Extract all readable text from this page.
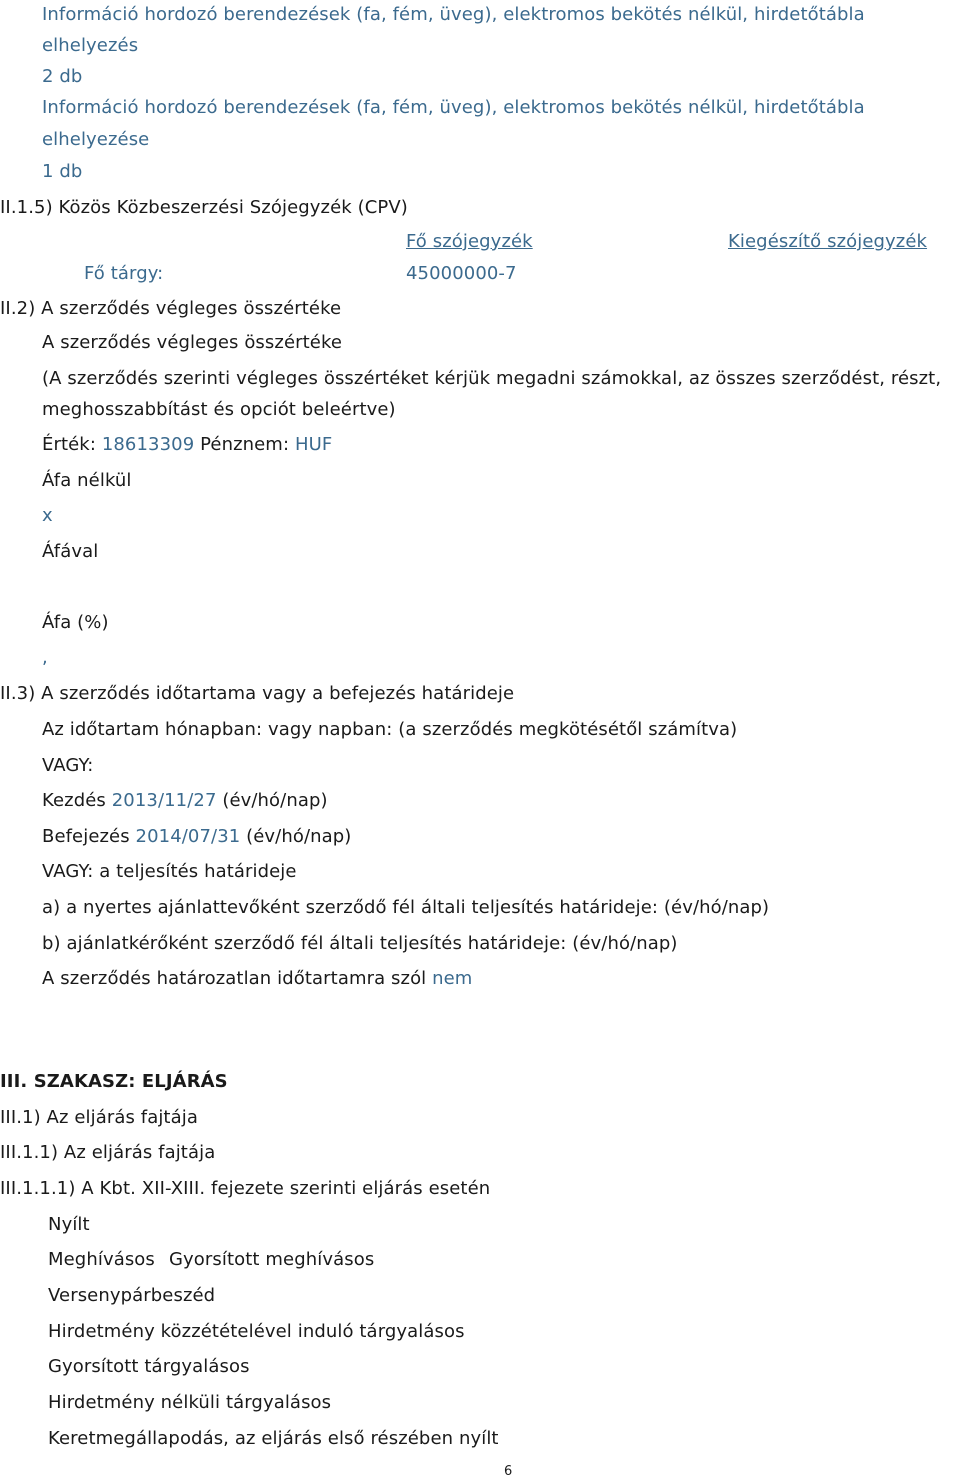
Információ hordozó berendezések (fa, fém, üveg), elektromos bekötés nélkül, hirdetőtábla
elhelyezés
2 db
Információ hordozó berendezések (fa, fém, üveg), elektromos bekötés nélkül, hirdetőtábla
elhelyezése
1 db
II.1.5) Közös Közbeszerzési Szójegyzék (CPV)
Fő szójegyzék	Kiegészítő szójegyzék
Fő tárgy:	45000000-7
II.2) A szerződés végleges összértéke
A szerződés végleges összértéke
(A szerződés szerinti végleges összértéket kérjük megadni számokkal, az összes szerződést, részt,
meghosszabbítást és opciót beleértve)
Érték: 18613309 Pénznem: HUF
Áfa nélkül
x
Áfával
Áfa (%)
,
II.3) A szerződés időtartama vagy a befejezés határideje
Az időtartam hónapban: vagy napban: (a szerződés megkötésétől számítva)
VAGY:
Kezdés 2013/11/27 (év/hó/nap)
Befejezés 2014/07/31 (év/hó/nap)
VAGY: a teljesítés határideje
a) a nyertes ajánlattevőként szerződő fél általi teljesítés határideje: (év/hó/nap)
b) ajánlatkérőként szerződő fél általi teljesítés határideje: (év/hó/nap)
A szerződés határozatlan időtartamra szól nem
III. SZAKASZ: ELJÁRÁS
III.1) Az eljárás fajtája
III.1.1) Az eljárás fajtája
III.1.1.1) A Kbt. XII-XIII. fejezete szerinti eljárás esetén
Nyílt
Meghívásos Gyorsított meghívásos
Versenypárbeszéd
Hirdetmény közzétételével induló tárgyalásos
Gyorsított tárgyalásos
Hirdetmény nélküli tárgyalásos
Keretmegállapodás, az eljárás első részében nyílt
6
